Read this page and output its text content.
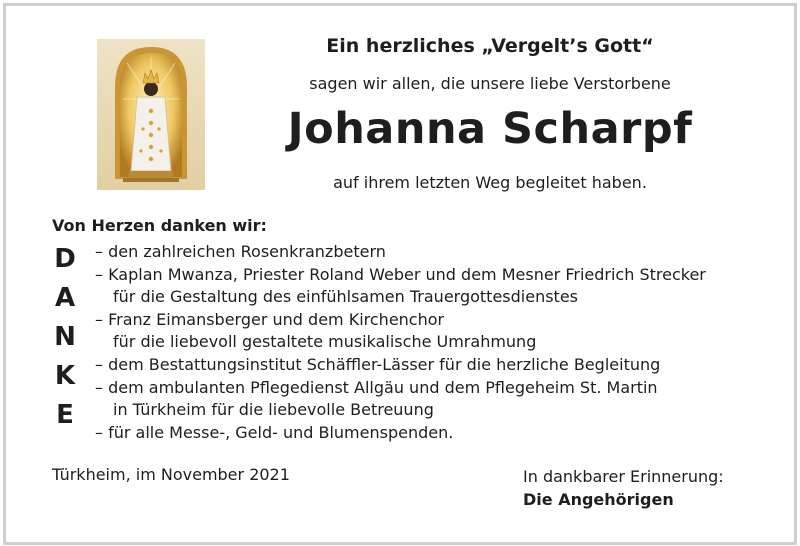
Ein herzliches „Vergelt’s Gott“
sagen wir allen, die unsere liebe Verstorbene
Johanna Scharpf
auf ihrem letzten Weg begleitet haben.
Von Herzen danken wir:
D
A
N
K
E
– den zahlreichen Rosenkranzbetern
– Kaplan Mwanza, Priester Roland Weber und dem Mesner Friedrich Strecker
für die Gestaltung des einfühlsamen Trauergottesdienstes
– Franz Eimansberger und dem Kirchenchor
für die liebevoll gestaltete musikalische Umrahmung
– dem Bestattungsinstitut Schäffler-Lässer für die herzliche Begleitung
– dem ambulanten Pflegedienst Allgäu und dem Pflegeheim St. Martin
in Türkheim für die liebevolle Betreuung
– für alle Messe-, Geld- und Blumenspenden.
Türkheim, im November 2021	In dankbarer Erinnerung:
Die Angehörigen
